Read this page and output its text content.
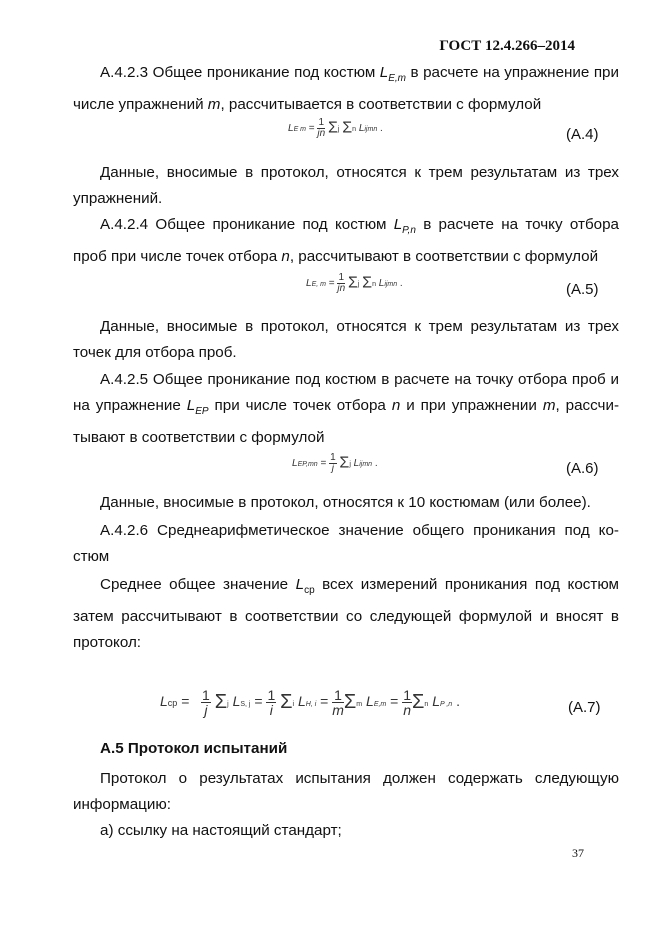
ГОСТ 12.4.266–2014

A.4.2.3 Общее проникание под костюм $L_{E,m}$ в расчете на упражнение при числе упражнений m, рассчитывается в соответствии с формулой

LE $m = \frac{1}{jn}$ Σj Σn Lijmn .	(A.4)

Данные, вносимые в протокол, относятся к трем результатам из трех упражнений.

A.4.2.4 Общее проникание под костюм $L_{P,n}$ в расчете на точку отбора проб при числе точек отбора n, рассчитывают в соответствии с формулой

LE, $m = \frac{1}{jn}$ Σj Σn Lijmn .	(A.5)

Данные, вносимые в протокол, относятся к трем результатам из трех точек для отбора проб.

A.4.2.5 Общее проникание под костюм в расчете на точку отбора проб и на упражнение $L_{EP}$ при числе точек отбора n и при упражнении m, рассчи-тывают в соответствии с формулой

$LEP,mn = \frac{1}{j}$ Σj Lijmn .	(A.6)

Данные, вносимые в протокол, относятся к 10 костюмам (или более).

A.4.2.6 Среднеарифметическое значение общего проникания под ко-стюм

Среднее общее значение $L_{ср}$ всех измерений проникания под костюм затем рассчитывают в соответствии со следующей формулой и вносят в протокол:

Lср = $\frac{1}{j}$ Σj LS, $j = \frac{1}{i}$ Σi LH, $i = \frac{1}{m}$ Σm $LE,m = \frac{1}{n}$ Σn LP ,n .	(A.7)
A.5 Протокол испытаний

Протокол о результатах испытания должен содержать следующую информацию:

a) ссылку на настоящий стандарт;

37
